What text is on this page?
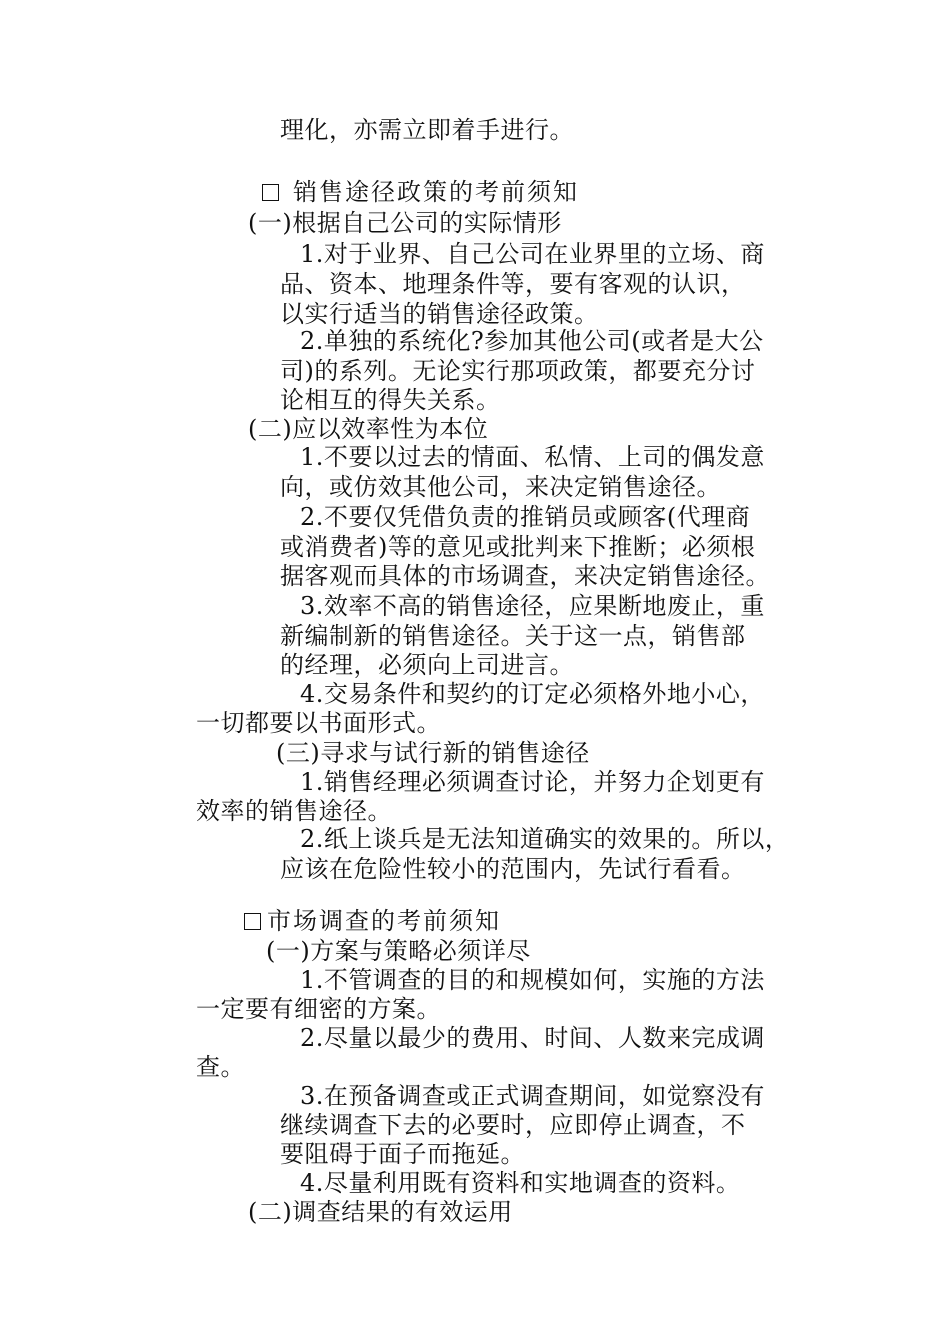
理化，亦需立即着手进行。
销售途径政策的考前须知
(一)根据自己公司的实际情形
1.对于业界、自己公司在业界里的立场、商
品、资本、地理条件等，要有客观的认识，
以实行适当的销售途径政策。
2.单独的系统化?参加其他公司(或者是大公
司)的系列。无论实行那项政策，都要充分讨
论相互的得失关系。
(二)应以效率性为本位
1.不要以过去的情面、私情、上司的偶发意
向，或仿效其他公司，来决定销售途径。
2.不要仅凭借负责的推销员或顾客(代理商
或消费者)等的意见或批判来下推断；必须根
据客观而具体的市场调查，来决定销售途径。
3.效率不高的销售途径，应果断地废止，重
新编制新的销售途径。关于这一点，销售部
的经理，必须向上司进言。
4.交易条件和契约的订定必须格外地小心，
一切都要以书面形式。
(三)寻求与试行新的销售途径
1.销售经理必须调查讨论，并努力企划更有
效率的销售途径。
2.纸上谈兵是无法知道确实的效果的。所以，
应该在危险性较小的范围内，先试行看看。
市场调查的考前须知
(一)方案与策略必须详尽
1.不管调查的目的和规模如何，实施的方法
一定要有细密的方案。
2.尽量以最少的费用、时间、人数来完成调
查。
3.在预备调查或正式调查期间，如觉察没有
继续调查下去的必要时，应即停止调查，不
要阻碍于面子而拖延。
4.尽量利用既有资料和实地调查的资料。
(二)调查结果的有效运用
